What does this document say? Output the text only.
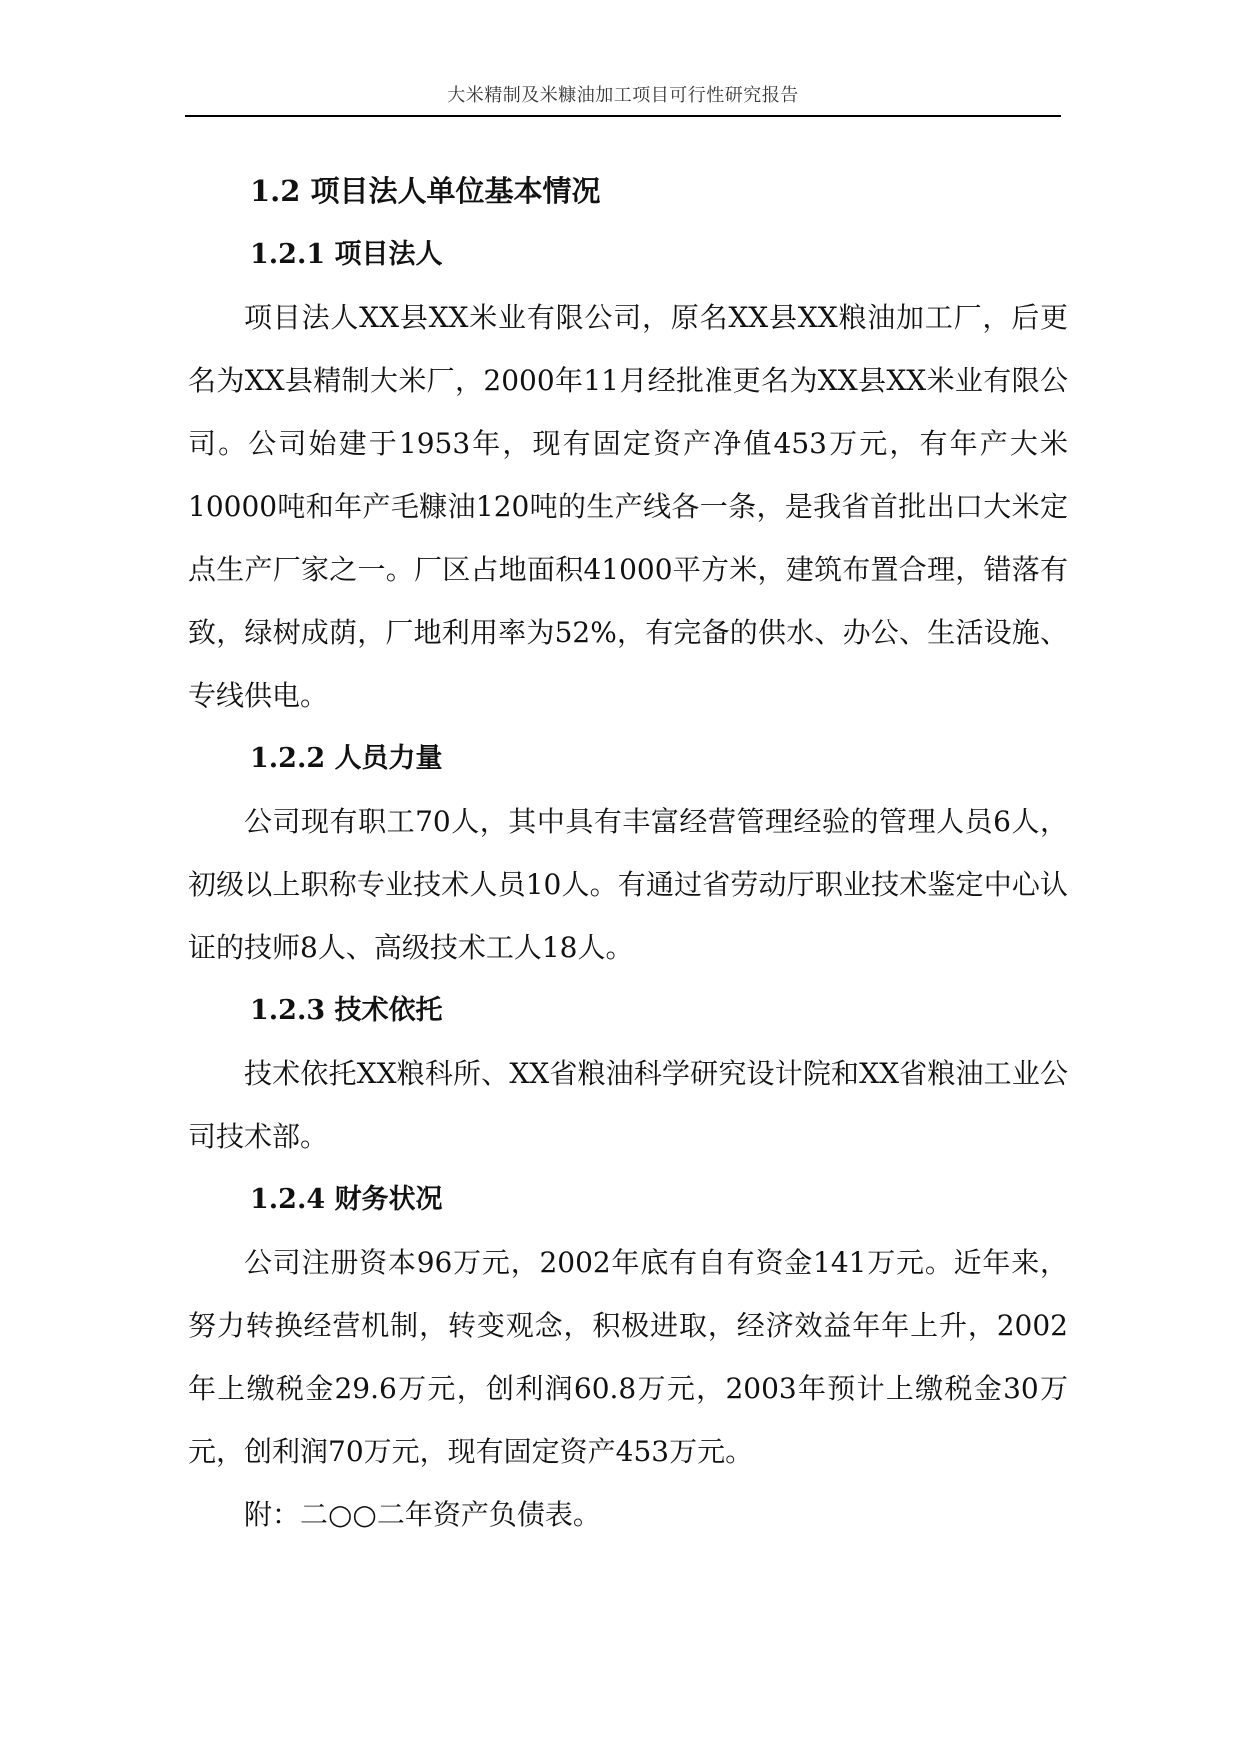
大米精制及米糠油加工项目可行性研究报告
1.2 项目法人单位基本情况
1.2.1 项目法人

项目法人XX县XX米业有限公司，原名XX县XX粮油加工厂，后更名为XX县精制大米厂，2000年11月经批准更名为XX县XX米业有限公司。公司始建于1953年，现有固定资产净值453万元，有年产大米10000吨和年产毛糠油120吨的生产线各一条，是我省首批出口大米定点生产厂家之一。厂区占地面积41000平方米，建筑布置合理，错落有致，绿树成荫，厂地利用率为52%，有完备的供水、办公、生活设施、专线供电。

1.2.2 人员力量

公司现有职工70人，其中具有丰富经营管理经验的管理人员6人，初级以上职称专业技术人员10人。有通过省劳动厅职业技术鉴定中心认证的技师8人、高级技术工人18人。

1.2.3 技术依托

技术依托XX粮科所、XX省粮油科学研究设计院和XX省粮油工业公司技术部。

1.2.4 财务状况

公司注册资本96万元，2002年底有自有资金141万元。近年来，努力转换经营机制，转变观念，积极进取，经济效益年年上升，2002年上缴税金29.6万元，创利润60.8万元，2003年预计上缴税金30万元，创利润70万元，现有固定资产453万元。

附：二○○二年资产负债表。
